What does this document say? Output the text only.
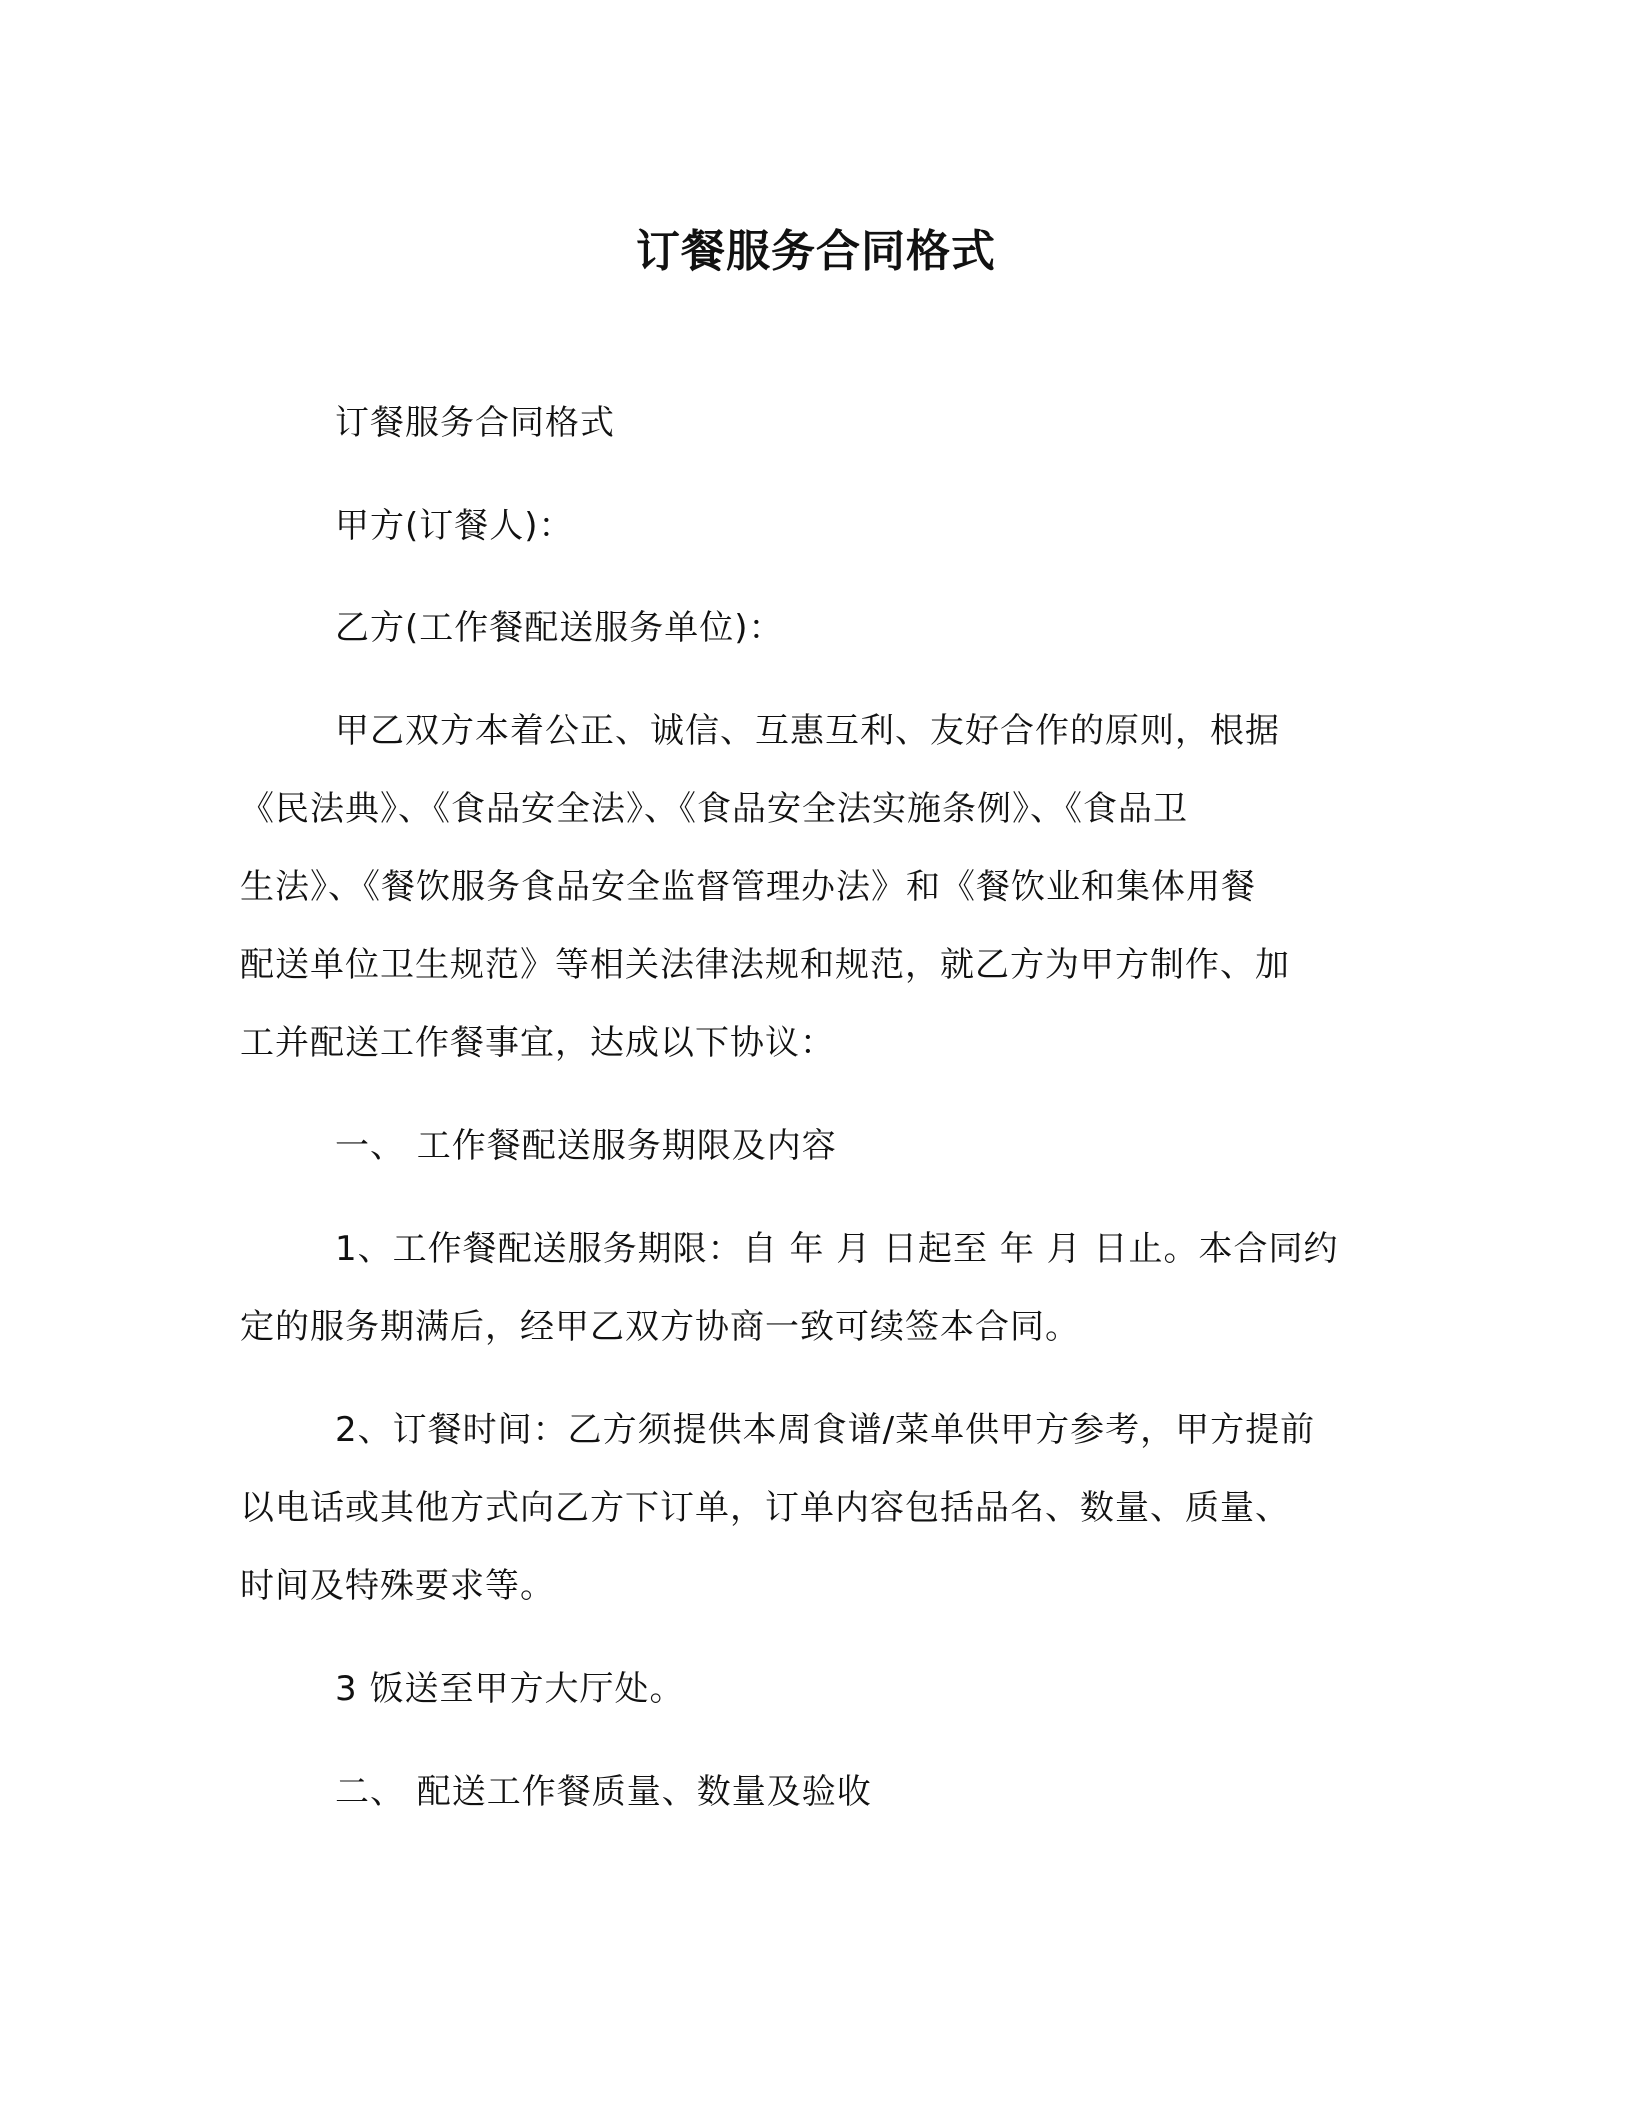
订餐服务合同格式
订餐服务合同格式
甲方(订餐人)：
乙方(工作餐配送服务单位)：
甲乙双方本着公正、诚信、互惠互利、友好合作的原则，根据
《民法典》、《食品安全法》、《食品安全法实施条例》、《食品卫
生法》、《餐饮服务食品安全监督管理办法》和《餐饮业和集体用餐
配送单位卫生规范》等相关法律法规和规范，就乙方为甲方制作、加
工并配送工作餐事宜，达成以下协议：
一、 工作餐配送服务期限及内容
1、工作餐配送服务期限：自 年 月 日起至 年 月 日止。本合同约
定的服务期满后，经甲乙双方协商一致可续签本合同。
2、订餐时间：乙方须提供本周食谱/菜单供甲方参考，甲方提前
以电话或其他方式向乙方下订单，订单内容包括品名、数量、质量、
时间及特殊要求等。
3 饭送至甲方大厅处。
二、 配送工作餐质量、数量及验收
